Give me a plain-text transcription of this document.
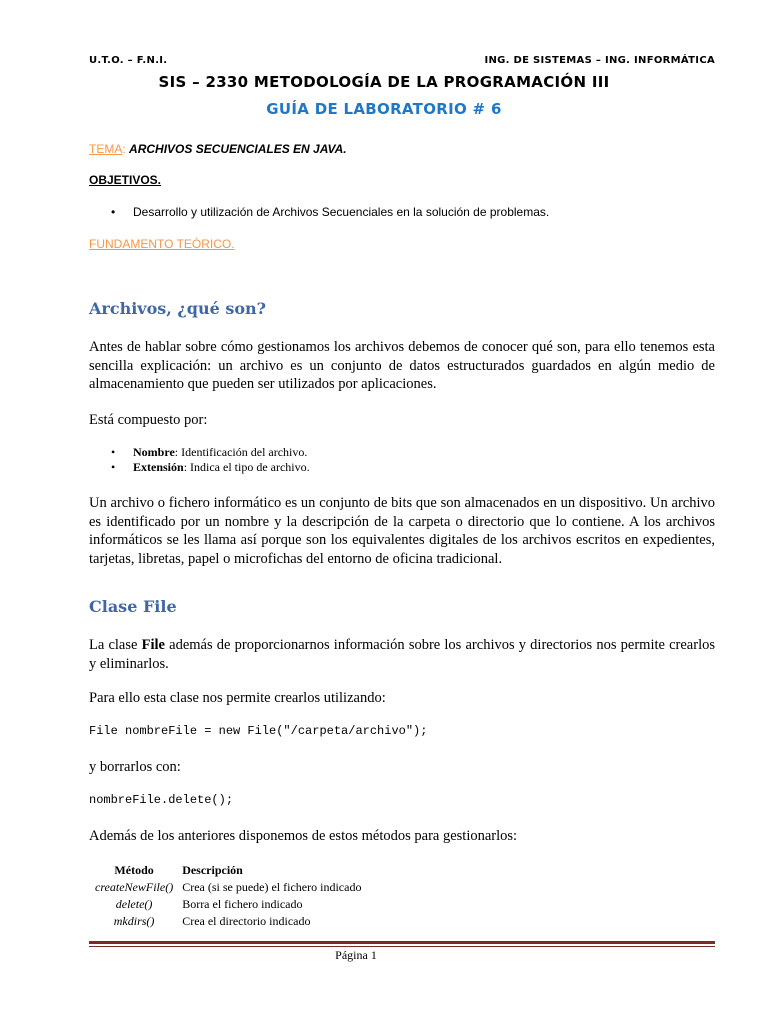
U.T.O. – F.N.I.	ING. DE SISTEMAS – ING. INFORMÁTICA
SIS – 2330 METODOLOGÍA DE LA PROGRAMACIÓN III
GUÍA DE LABORATORIO # 6
TEMA: ARCHIVOS SECUENCIALES EN JAVA.
OBJETIVOS.
• Desarrollo y utilización de Archivos Secuenciales en la solución de problemas.
FUNDAMENTO TEÓRICO.
Archivos, ¿qué son?
Antes de hablar sobre cómo gestionamos los archivos debemos de conocer qué son, para ello tenemos esta sencilla explicación: un archivo es un conjunto de datos estructurados guardados en algún medio de almacenamiento que pueden ser utilizados por aplicaciones.
Está compuesto por:
• Nombre: Identificación del archivo.
• Extensión: Indica el tipo de archivo.
Un archivo o fichero informático es un conjunto de bits que son almacenados en un dispositivo. Un archivo es identificado por un nombre y la descripción de la carpeta o directorio que lo contiene. A los archivos informáticos se les llama así porque son los equivalentes digitales de los archivos escritos en expedientes, tarjetas, libretas, papel o microfichas del entorno de oficina tradicional.
Clase File
La clase File además de proporcionarnos información sobre los archivos y directorios nos permite crearlos y eliminarlos.
Para ello esta clase nos permite crearlos utilizando:
File nombreFile = new File("/carpeta/archivo");
y borrarlos con:
nombreFile.delete();
Además de los anteriores disponemos de estos métodos para gestionarlos:
Método	Descripción
createNewFile()	Crea (si se puede) el fichero indicado
delete()	Borra el fichero indicado
mkdirs()	Crea el directorio indicado
Página 1
